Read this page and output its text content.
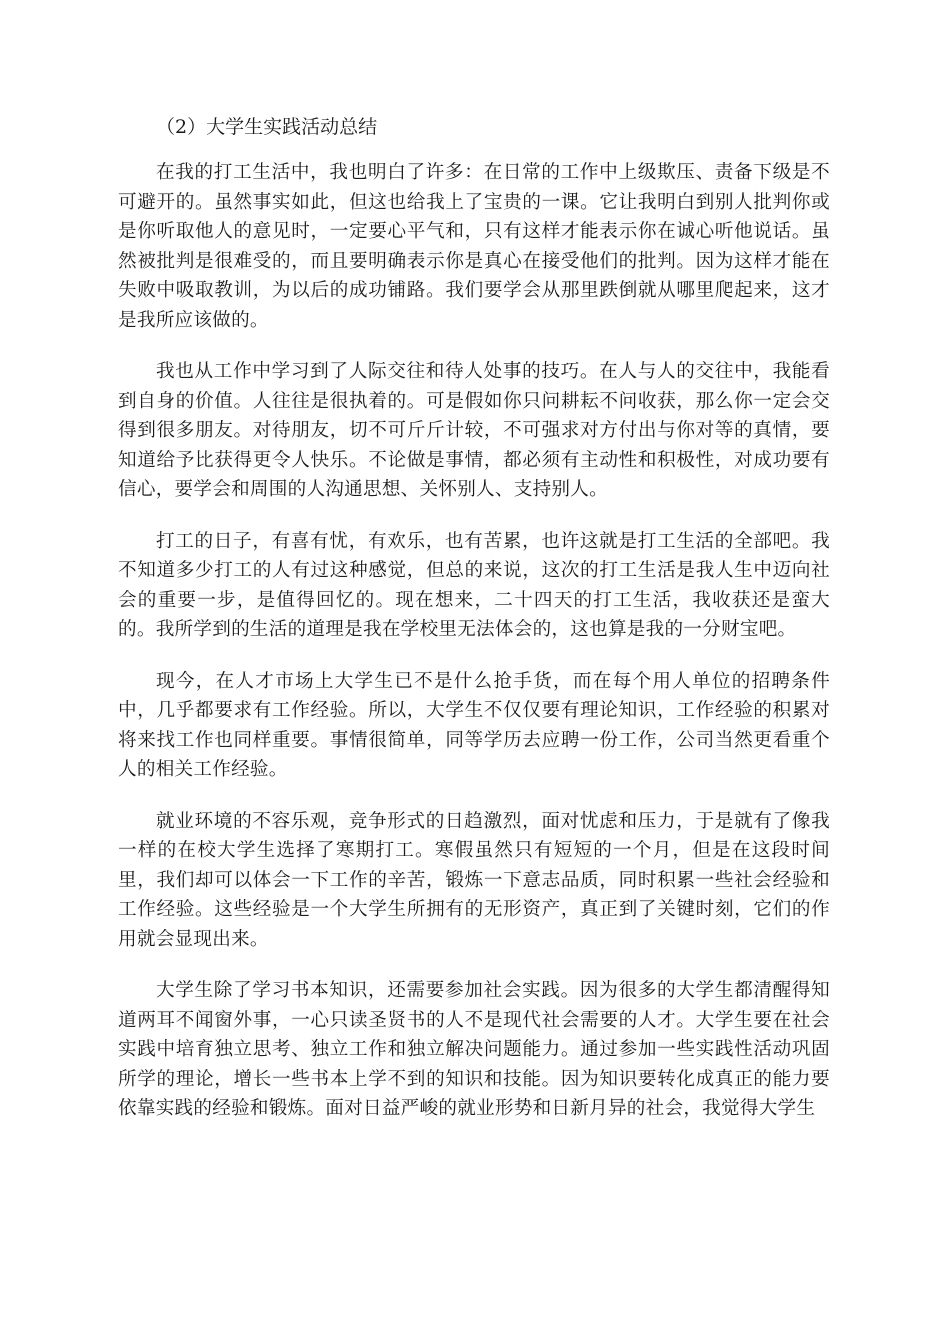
（2）大学生实践活动总结

在我的打工生活中，我也明白了许多：在日常的工作中上级欺压、责备下级是不可避开的。虽然事实如此，但这也给我上了宝贵的一课。它让我明白到别人批判你或是你听取他人的意见时，一定要心平气和，只有这样才能表示你在诚心听他说话。虽然被批判是很难受的，而且要明确表示你是真心在接受他们的批判。因为这样才能在失败中吸取教训，为以后的成功铺路。我们要学会从那里跌倒就从哪里爬起来，这才是我所应该做的。

我也从工作中学习到了人际交往和待人处事的技巧。在人与人的交往中，我能看到自身的价值。人往往是很执着的。可是假如你只问耕耘不问收获，那么你一定会交得到很多朋友。对待朋友，切不可斤斤计较，不可强求对方付出与你对等的真情，要知道给予比获得更令人快乐。不论做是事情，都必须有主动性和积极性，对成功要有信心，要学会和周围的人沟通思想、关怀别人、支持别人。

打工的日子，有喜有忧，有欢乐，也有苦累，也许这就是打工生活的全部吧。我不知道多少打工的人有过这种感觉，但总的来说，这次的打工生活是我人生中迈向社会的重要一步，是值得回忆的。现在想来，二十四天的打工生活，我收获还是蛮大的。我所学到的生活的道理是我在学校里无法体会的，这也算是我的一分财宝吧。

现今，在人才市场上大学生已不是什么抢手货，而在每个用人单位的招聘条件中，几乎都要求有工作经验。所以，大学生不仅仅要有理论知识，工作经验的积累对将来找工作也同样重要。事情很简单，同等学历去应聘一份工作，公司当然更看重个人的相关工作经验。

就业环境的不容乐观，竞争形式的日趋激烈，面对忧虑和压力，于是就有了像我一样的在校大学生选择了寒期打工。寒假虽然只有短短的一个月，但是在这段时间里，我们却可以体会一下工作的辛苦，锻炼一下意志品质，同时积累一些社会经验和工作经验。这些经验是一个大学生所拥有的无形资产，真正到了关键时刻，它们的作用就会显现出来。

大学生除了学习书本知识，还需要参加社会实践。因为很多的大学生都清醒得知道两耳不闻窗外事，一心只读圣贤书的人不是现代社会需要的人才。大学生要在社会实践中培育独立思考、独立工作和独立解决问题能力。通过参加一些实践性活动巩固所学的理论，增长一些书本上学不到的知识和技能。因为知识要转化成真正的能力要依靠实践的经验和锻炼。面对日益严峻的就业形势和日新月异的社会，我觉得大学生
